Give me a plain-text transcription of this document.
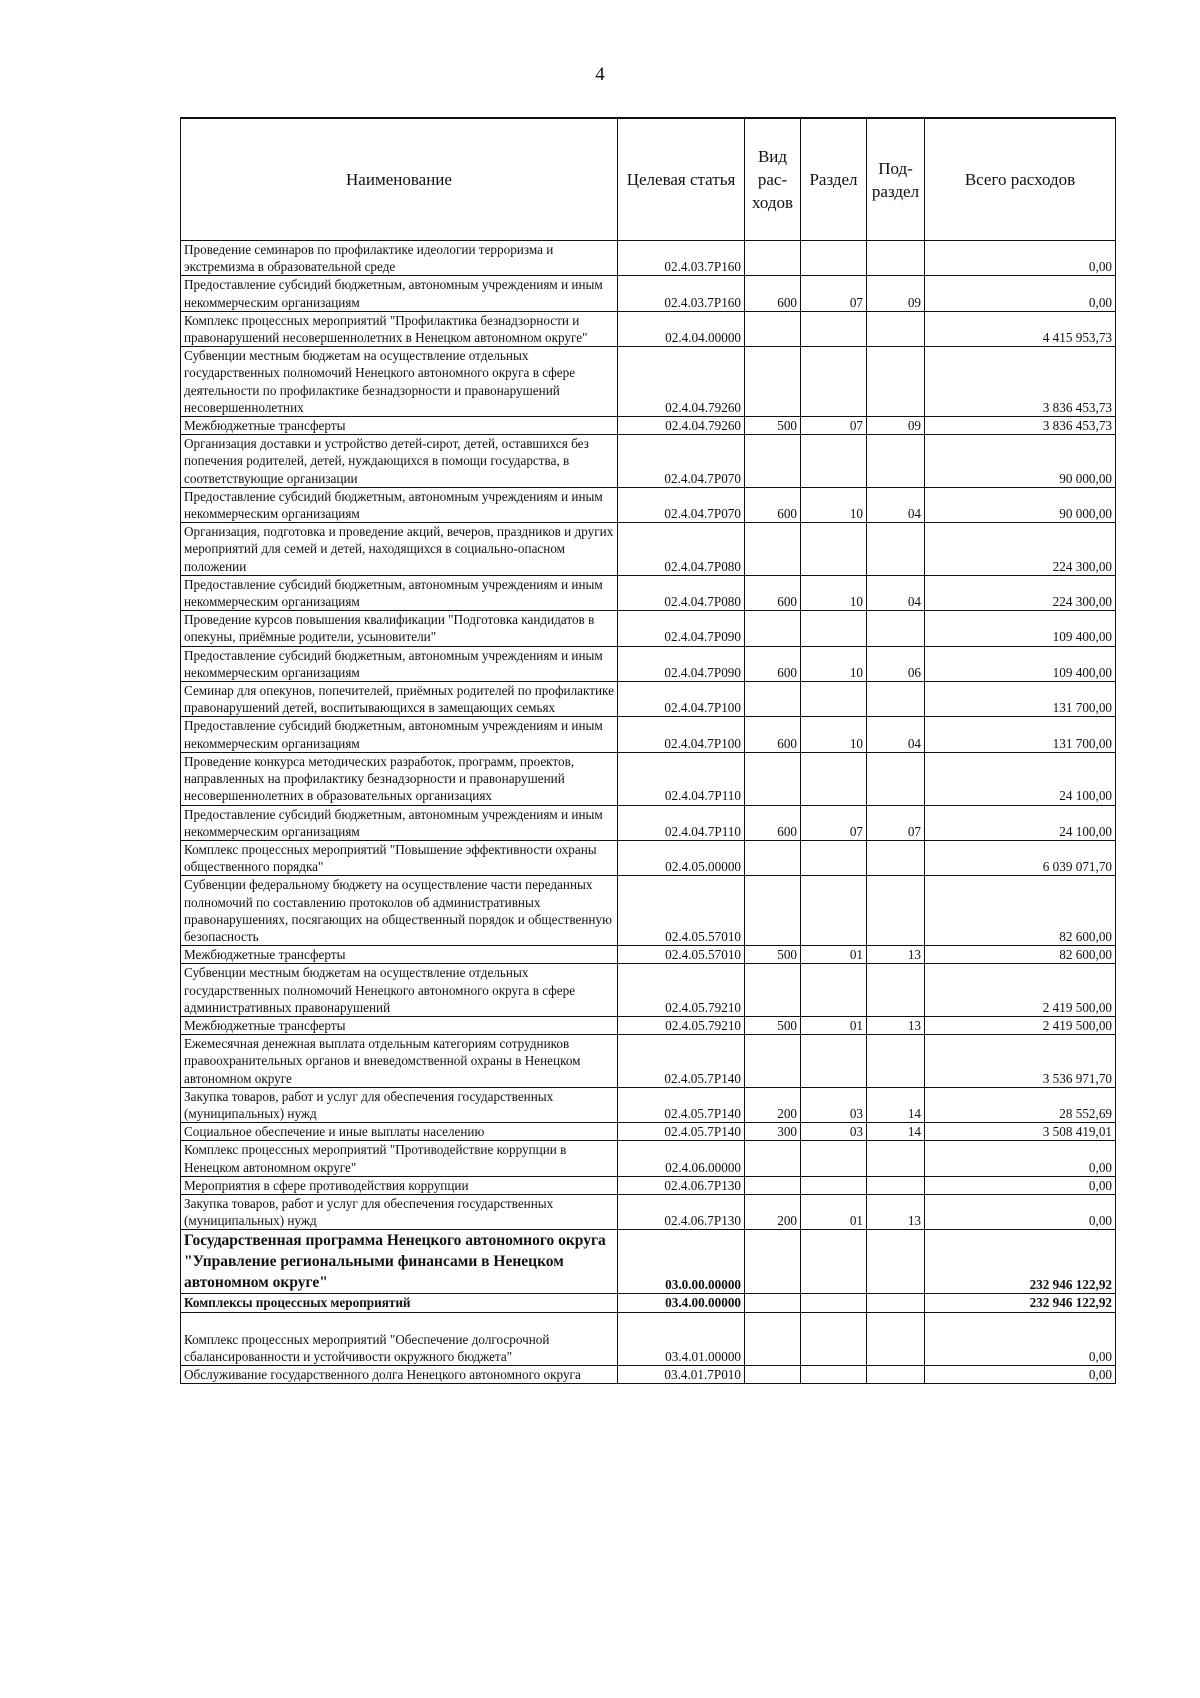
4
Наименование	Целевая статья	Вид рас- ходов	Раздел	Под- раздел	Всего расходов
Проведение семинаров по профилактике идеологии терроризма и экстремизма в образовательной среде	02.4.03.7Р160				0,00
Предоставление субсидий бюджетным, автономным учреждениям и иным некоммерческим организациям	02.4.03.7Р160	600	07	09	0,00
Комплекс процессных мероприятий "Профилактика безнадзорности и правонарушений несовершеннолетних в Ненецком автономном округе"	02.4.04.00000				4 415 953,73
Субвенции местным бюджетам на осуществление отдельных государственных полномочий Ненецкого автономного округа в сфере деятельности по профилактике безнадзорности и правонарушений несовершеннолетних	02.4.04.79260				3 836 453,73
Межбюджетные трансферты	02.4.04.79260	500	07	09	3 836 453,73
Организация доставки и устройство детей-сирот, детей, оставшихся без попечения родителей, детей, нуждающихся в помощи государства, в соответствующие организации	02.4.04.7Р070				90 000,00
Предоставление субсидий бюджетным, автономным учреждениям и иным некоммерческим организациям	02.4.04.7Р070	600	10	04	90 000,00
Организация, подготовка и проведение акций, вечеров, праздников и других мероприятий для семей и детей, находящихся в социально-опасном положении	02.4.04.7Р080				224 300,00
Предоставление субсидий бюджетным, автономным учреждениям и иным некоммерческим организациям	02.4.04.7Р080	600	10	04	224 300,00
Проведение курсов повышения квалификации "Подготовка кандидатов в опекуны, приёмные родители, усыновители"	02.4.04.7Р090				109 400,00
Предоставление субсидий бюджетным, автономным учреждениям и иным некоммерческим организациям	02.4.04.7Р090	600	10	06	109 400,00
Семинар для опекунов, попечителей, приёмных родителей по профилактике правонарушений детей, воспитывающихся в замещающих семьях	02.4.04.7Р100				131 700,00
Предоставление субсидий бюджетным, автономным учреждениям и иным некоммерческим организациям	02.4.04.7Р100	600	10	04	131 700,00
Проведение конкурса методических разработок, программ, проектов, направленных на профилактику безнадзорности и правонарушений несовершеннолетних в образовательных организациях	02.4.04.7Р110				24 100,00
Предоставление субсидий бюджетным, автономным учреждениям и иным некоммерческим организациям	02.4.04.7Р110	600	07	07	24 100,00
Комплекс процессных мероприятий "Повышение эффективности охраны общественного порядка"	02.4.05.00000				6 039 071,70
Субвенции федеральному бюджету на осуществление части переданных полномочий по составлению протоколов об административных правонарушениях, посягающих на общественный порядок и общественную безопасность	02.4.05.57010				82 600,00
Межбюджетные трансферты	02.4.05.57010	500	01	13	82 600,00
Субвенции местным бюджетам на осуществление отдельных государственных полномочий Ненецкого автономного округа в сфере административных правонарушений	02.4.05.79210				2 419 500,00
Межбюджетные трансферты	02.4.05.79210	500	01	13	2 419 500,00
Ежемесячная денежная выплата отдельным категориям сотрудников правоохранительных органов и вневедомственной охраны в Ненецком автономном округе	02.4.05.7Р140				3 536 971,70
Закупка товаров, работ и услуг для обеспечения государственных (муниципальных) нужд	02.4.05.7Р140	200	03	14	28 552,69
Социальное обеспечение и иные выплаты населению	02.4.05.7Р140	300	03	14	3 508 419,01
Комплекс процессных мероприятий "Противодействие коррупции в Ненецком автономном округе"	02.4.06.00000				0,00
Мероприятия в сфере противодействия коррупции	02.4.06.7Р130				0,00
Закупка товаров, работ и услуг для обеспечения государственных (муниципальных) нужд	02.4.06.7Р130	200	01	13	0,00
Государственная программа Ненецкого автономного округа "Управление региональными финансами в Ненецком автономном округе"	03.0.00.00000				232 946 122,92
Комплексы процессных мероприятий	03.4.00.00000				232 946 122,92
Комплекс процессных мероприятий "Обеспечение долгосрочной сбалансированности и устойчивости окружного бюджета"	03.4.01.00000				0,00
Обслуживание государственного долга Ненецкого автономного округа	03.4.01.7Р010				0,00
